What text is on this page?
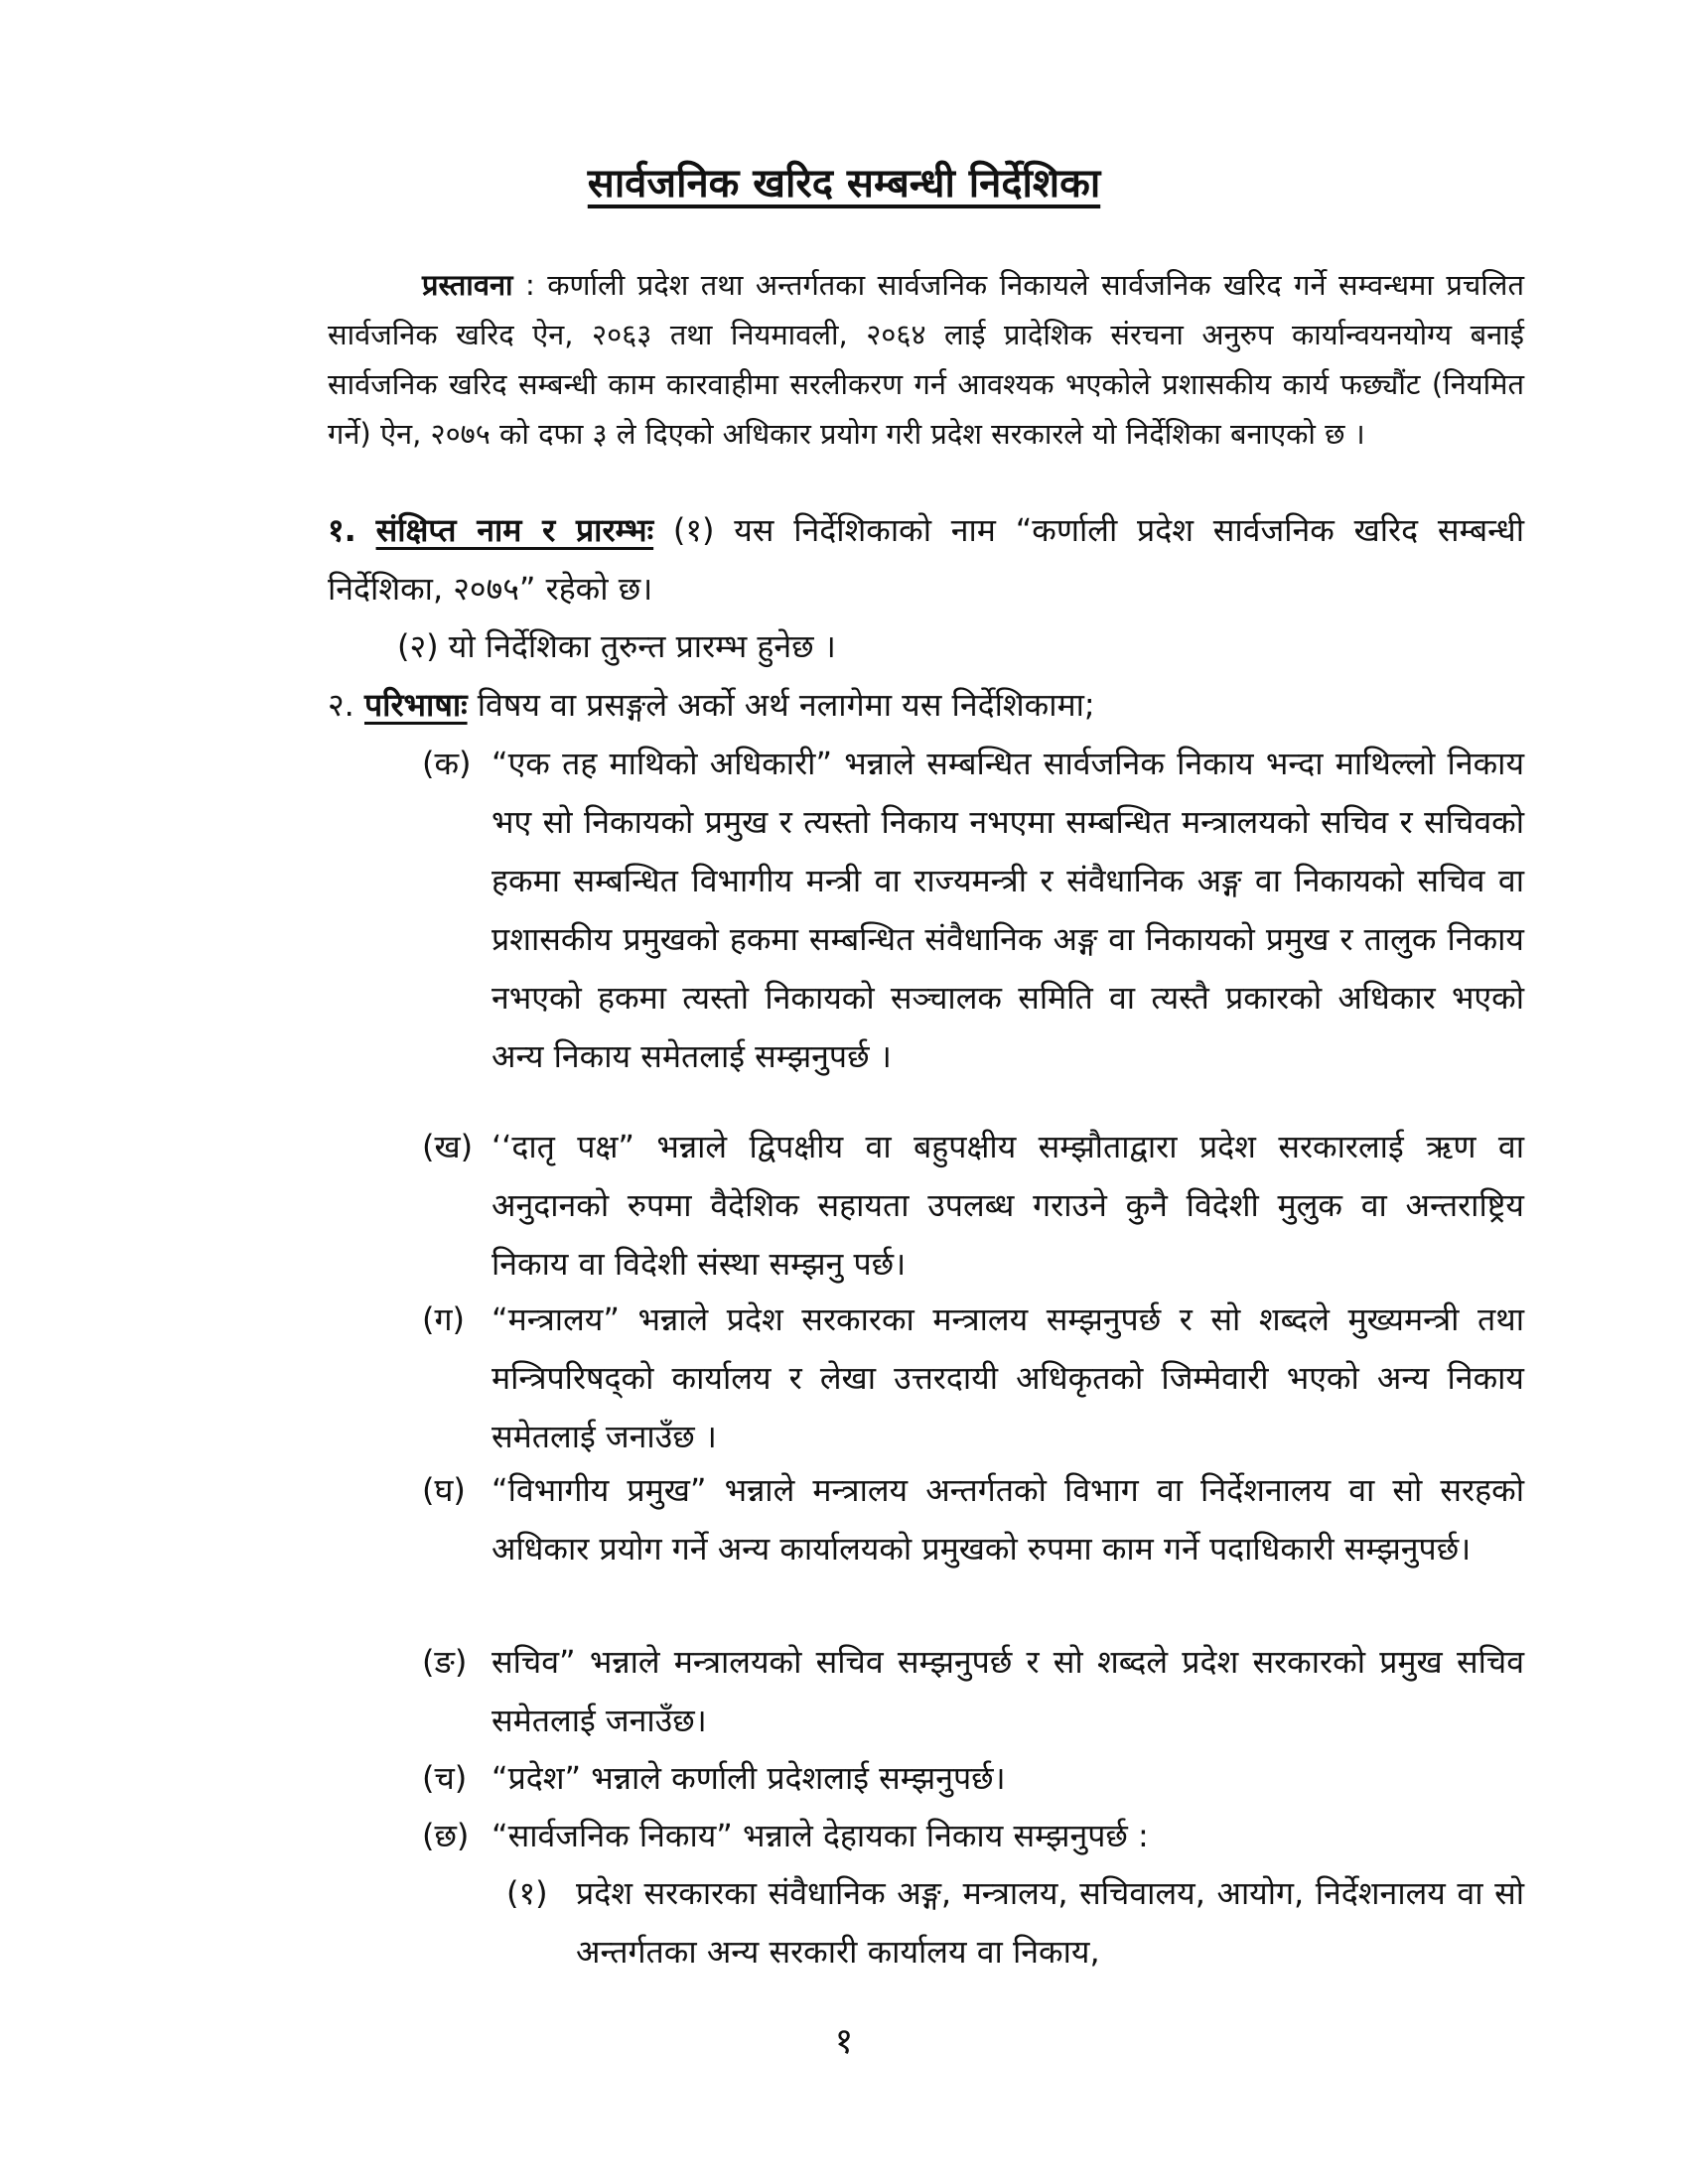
सार्वजनिक खरिद सम्बन्धी निर्देशिका
प्रस्तावना : कर्णाली प्रदेश तथा अन्तर्गतका सार्वजनिक निकायले सार्वजनिक खरिद गर्ने सम्वन्धमा प्रचलित सार्वजनिक खरिद ऐन, २०६३ तथा नियमावली, २०६४ लाई प्रादेशिक संरचना अनुरुप कार्यान्वयनयोग्य बनाई सार्वजनिक खरिद सम्बन्धी काम कारवाहीमा सरलीकरण गर्न आवश्यक भएकोले प्रशासकीय कार्य फछ्यौंट (नियमित गर्ने) ऐन, २०७५ को दफा ३ ले दिएको अधिकार प्रयोग गरी प्रदेश सरकारले यो निर्देशिका बनाएको छ ।
१. संक्षिप्त नाम र प्रारम्भः (१) यस निर्देशिकाको नाम “कर्णाली प्रदेश सार्वजनिक खरिद सम्बन्धी निर्देशिका, २०७५” रहेको छ।
(२) यो निर्देशिका तुरुन्त प्रारम्भ हुनेछ ।
२. परिभाषाः विषय वा प्रसङ्गले अर्को अर्थ नलागेमा यस निर्देशिकामा;
(क) “एक तह माथिको अधिकारी” भन्नाले सम्बन्धित सार्वजनिक निकाय भन्दा माथिल्लो निकाय भए सो निकायको प्रमुख र त्यस्तो निकाय नभएमा सम्बन्धित मन्त्रालयको सचिव र सचिवको हकमा सम्बन्धित विभागीय मन्त्री वा राज्यमन्त्री र संवैधानिक अङ्ग वा निकायको सचिव वा प्रशासकीय प्रमुखको हकमा सम्बन्धित संवैधानिक अङ्ग वा निकायको प्रमुख र तालुक निकाय नभएको हकमा त्यस्तो निकायको सञ्चालक समिति वा त्यस्तै प्रकारको अधिकार भएको अन्य निकाय समेतलाई सम्झनुपर्छ ।
(ख) ‘‘दातृ पक्ष” भन्नाले द्विपक्षीय वा बहुपक्षीय सम्झौताद्वारा प्रदेश सरकारलाई ऋण वा अनुदानको रुपमा वैदेशिक सहायता उपलब्ध गराउने कुनै विदेशी मुलुक वा अन्तराष्ट्रिय निकाय वा विदेशी संस्था सम्झनु पर्छ।
(ग) “मन्त्रालय” भन्नाले प्रदेश सरकारका मन्त्रालय सम्झनुपर्छ र सो शब्दले मुख्यमन्त्री तथा मन्त्रिपरिषद्को कार्यालय र लेखा उत्तरदायी अधिकृतको जिम्मेवारी भएको अन्य निकाय समेतलाई जनाउँछ ।
(घ) “विभागीय प्रमुख” भन्नाले मन्त्रालय अन्तर्गतको विभाग वा निर्देशनालय वा सो सरहको अधिकार प्रयोग गर्ने अन्य कार्यालयको प्रमुखको रुपमा काम गर्ने पदाधिकारी सम्झनुपर्छ।
(ङ) सचिव” भन्नाले मन्त्रालयको सचिव सम्झनुपर्छ र सो शब्दले प्रदेश सरकारको प्रमुख सचिव समेतलाई जनाउँछ।
(च) “प्रदेश” भन्नाले कर्णाली प्रदेशलाई सम्झनुपर्छ।
(छ) “सार्वजनिक निकाय” भन्नाले देहायका निकाय सम्झनुपर्छ :
(१) प्रदेश सरकारका संवैधानिक अङ्ग, मन्त्रालय, सचिवालय, आयोग, निर्देशनालय वा सो अन्तर्गतका अन्य सरकारी कार्यालय वा निकाय,
१
